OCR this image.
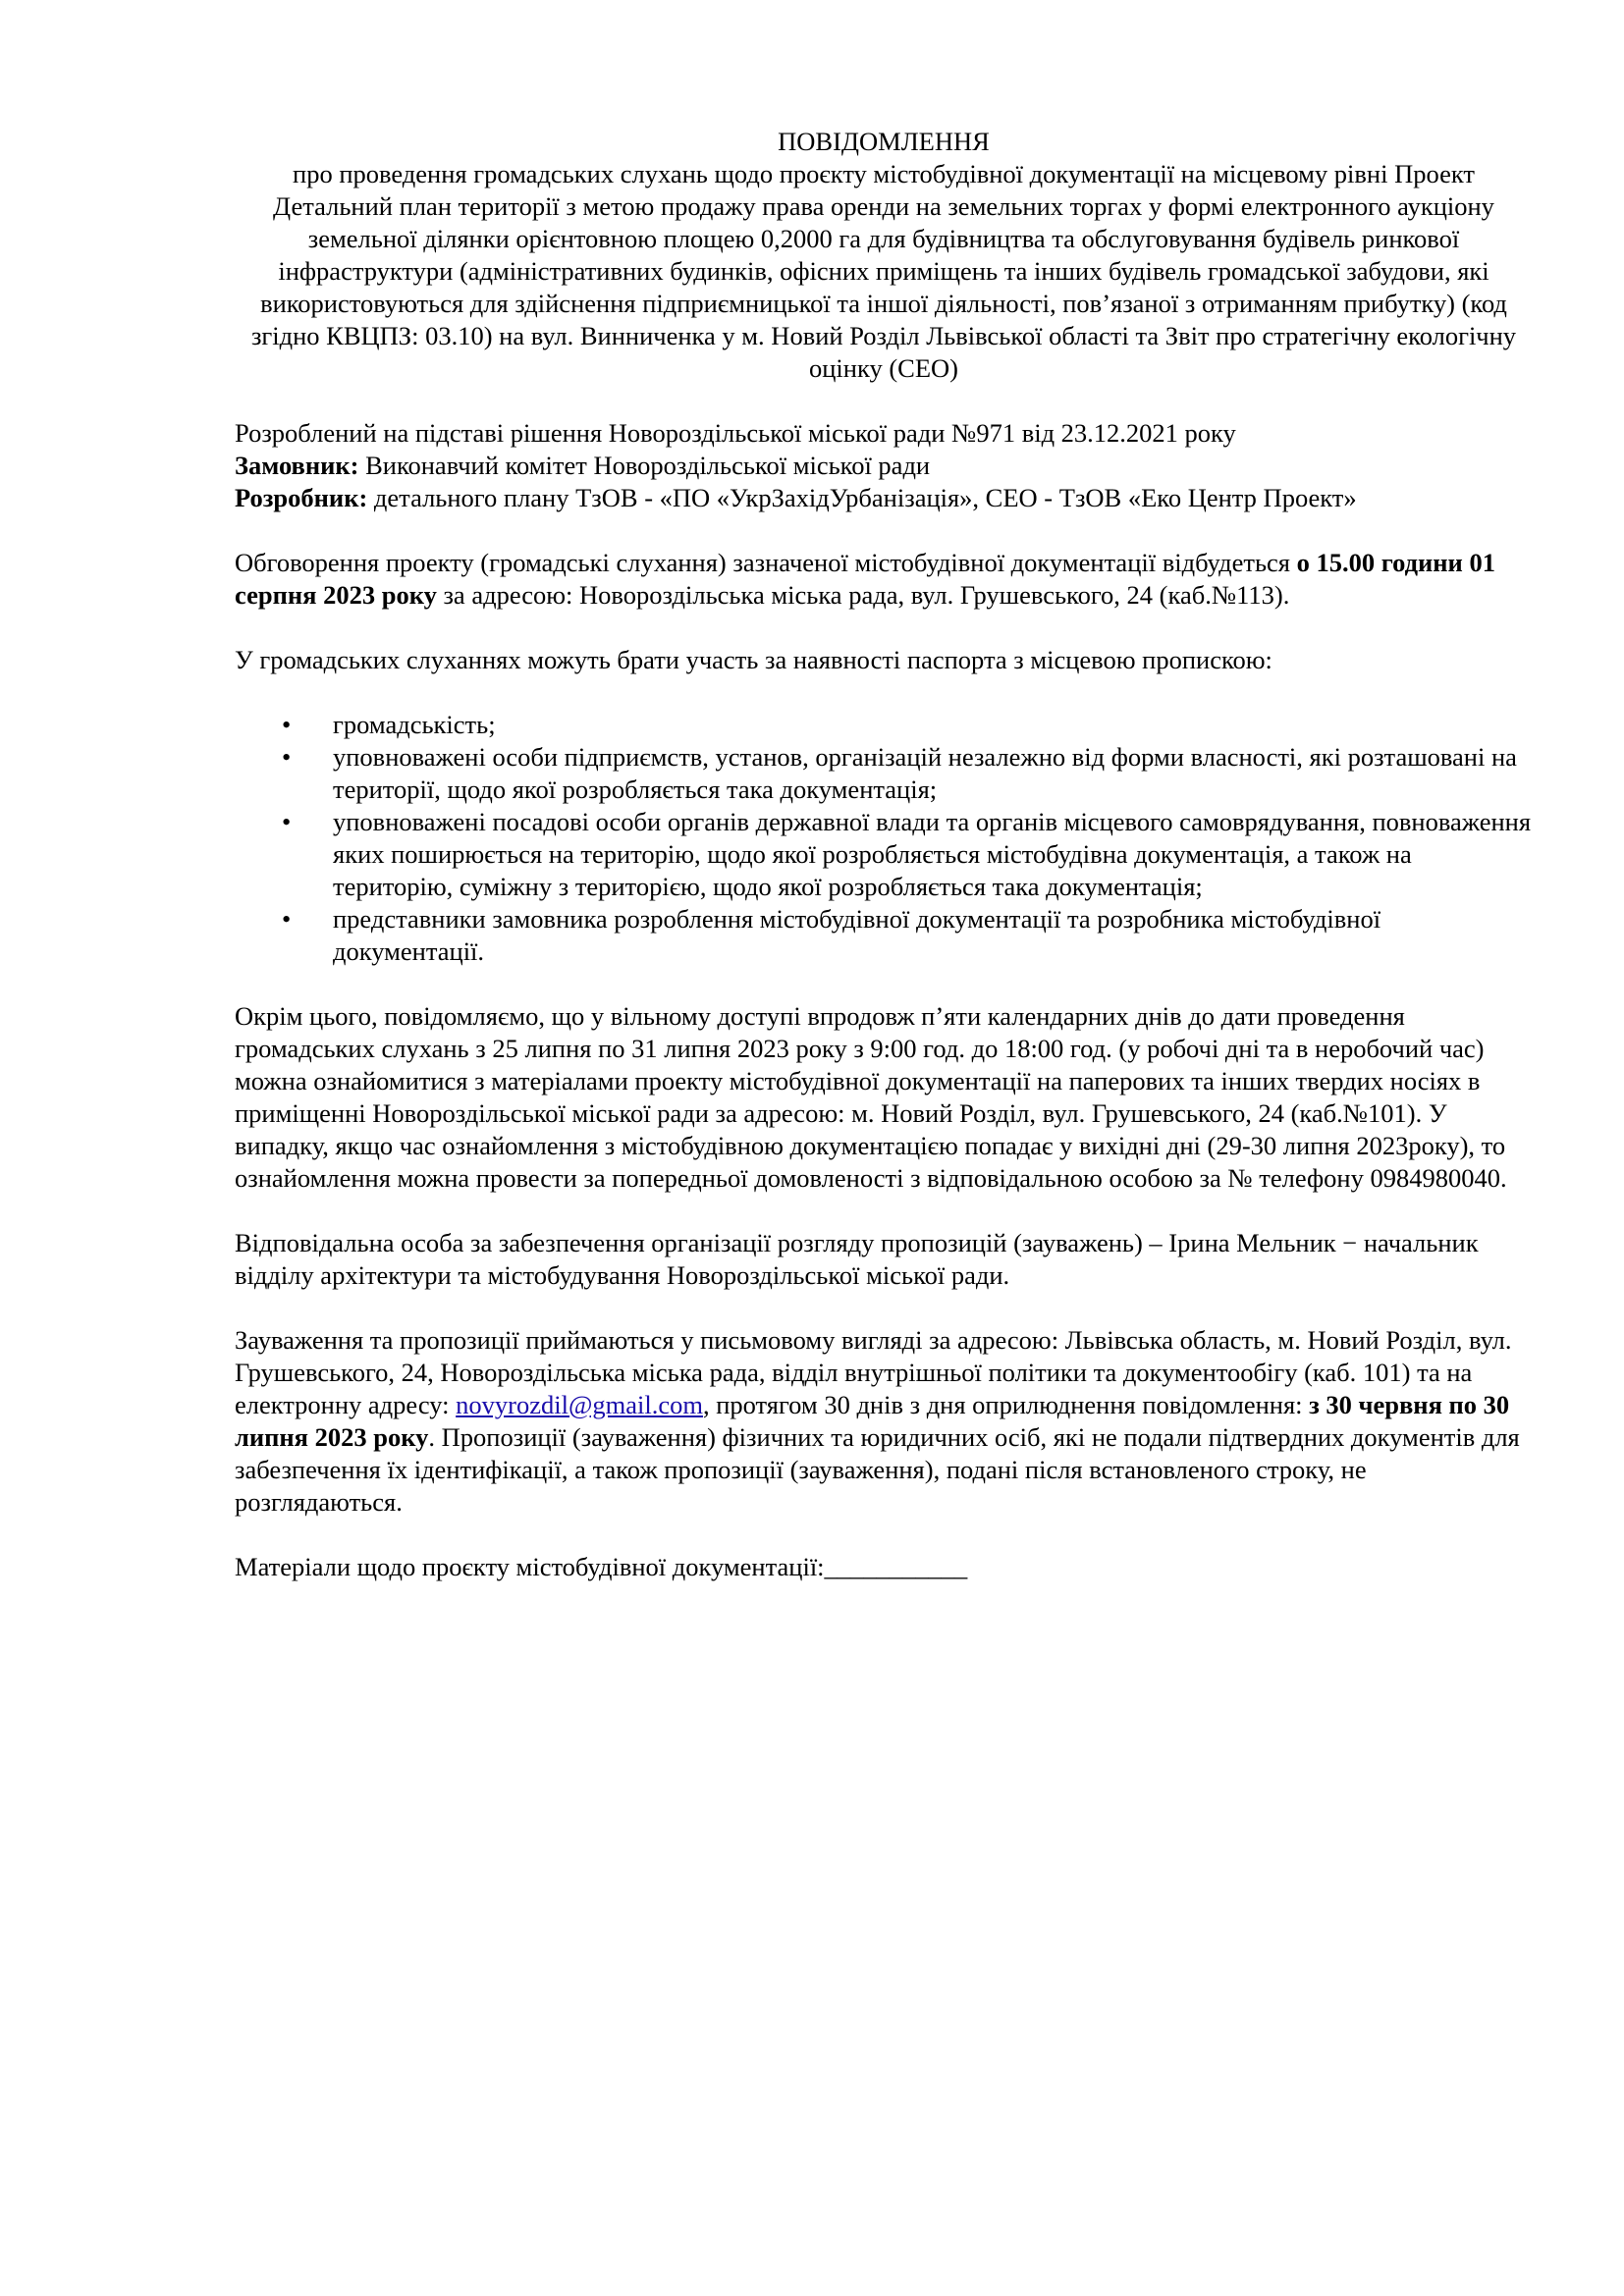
ПОВІДОМЛЕННЯ

про проведення громадських слухань щодо проєкту містобудівної документації на місцевому рівні Проект Детальний план території з метою продажу права оренди на земельних торгах у формі електронного аукціону земельної ділянки орієнтовною площею 0,2000 га для будівництва та обслуговування будівель ринкової інфраструктури (адміністративних будинків, офісних приміщень та інших будівель громадської забудови, які використовуються для здійснення підприємницької та іншої діяльності, пов’язаної з отриманням прибутку) (код згідно КВЦПЗ: 03.10) на вул. Винниченка у м. Новий Розділ Львівської області та Звіт про стратегічну екологічну оцінку (СЕО)

Розроблений на підставі рішення Новороздільської міської ради №971 від 23.12.2021 року

Замовник: Виконавчий комітет Новороздільської міської ради

Розробник: детального плану ТзОВ - «ПО «УкрЗахідУрбанізація», СЕО - ТзОВ «Еко Центр Проект»

Обговорення проекту (громадські слухання) зазначеної містобудівної документації відбудеться о 15.00 години 01 серпня 2023 року за адресою: Новороздільська міська рада, вул. Грушевського, 24 (каб.№113).

У громадських слуханнях можуть брати участь за наявності паспорта з місцевою пропискою:

• громадськість;
• уповноважені особи підприємств, установ, організацій незалежно від форми власності, які розташовані на території, щодо якої розробляється така документація;
• уповноважені посадові особи органів державної влади та органів місцевого самоврядування, повноваження яких поширюється на територію, щодо якої розробляється містобудівна документація, а також на територію, суміжну з територією, щодо якої розробляється така документація;
• представники замовника розроблення містобудівної документації та розробника містобудівної документації.

Окрім цього, повідомляємо, що у вільному доступі впродовж п’яти календарних днів до дати проведення громадських слухань з 25 липня по 31 липня 2023 року з 9:00 год. до 18:00 год. (у робочі дні та в неробочий час) можна ознайомитися з матеріалами проекту містобудівної документації на паперових та інших твердих носіях в приміщенні Новороздільської міської ради за адресою: м. Новий Розділ, вул. Грушевського, 24 (каб.№101). У випадку, якщо час ознайомлення з містобудівною документацією попадає у вихідні дні (29-30 липня 2023року), то ознайомлення можна провести за попередньої домовленості з відповідальною особою за № телефону 0984980040.

Відповідальна особа за забезпечення організації розгляду пропозицій (зауважень) – Ірина Мельник − начальник відділу архітектури та містобудування Новороздільської міської ради.

Зауваження та пропозиції приймаються у письмовому вигляді за адресою: Львівська область, м. Новий Розділ, вул. Грушевського, 24, Новороздільська міська рада, відділ внутрішньої політики та документообігу (каб. 101) та на електронну адресу: novyrozdil@gmail.com, протягом 30 днів з дня оприлюднення повідомлення: з 30 червня по 30 липня 2023 року. Пропозиції (зауваження) фізичних та юридичних осіб, які не подали підтвердних документів для забезпечення їх ідентифікації, а також пропозиції (зауваження), подані після встановленого строку, не розглядаються.

Матеріали щодо проєкту містобудівної документації:___________
